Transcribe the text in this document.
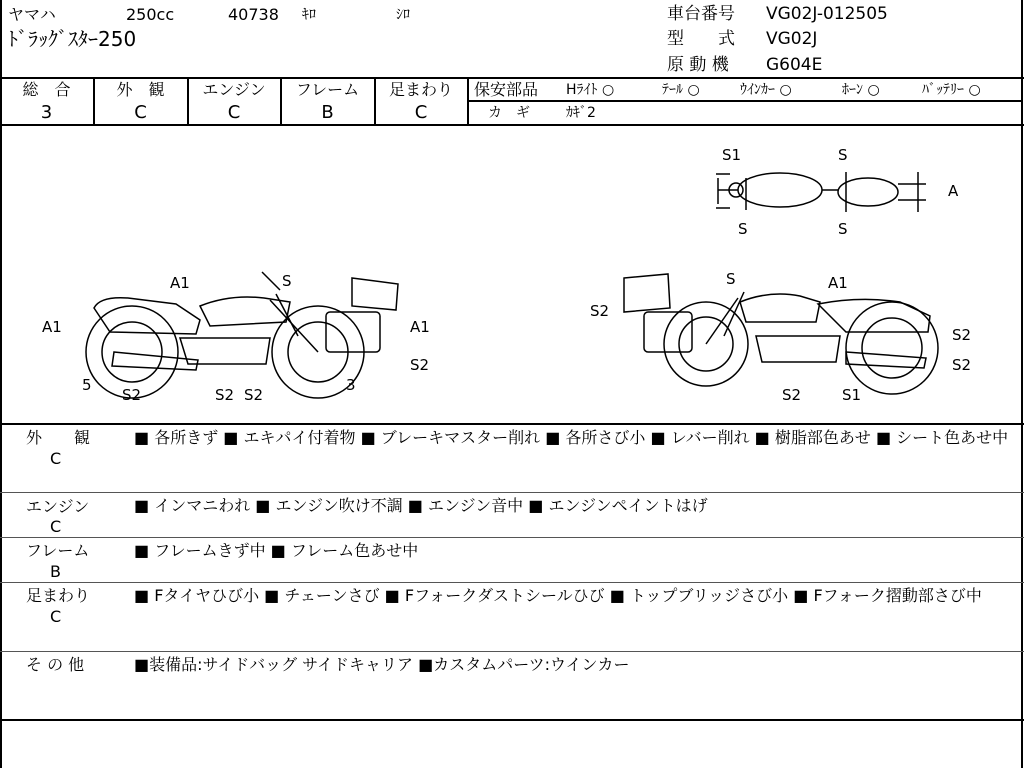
ヤマハ	250cc	40738 ｷﾛ	ｼﾛ
ﾄﾞﾗｯｸﾞｽﾀｰ250
車台番号 VG02J-012505
型　　式 VG02J
原 動 機 G604E
総　合
3
外　観
C
エンジン
C
フレーム
B
足まわり
C
保安部品 Hﾗｲﾄ ○	ﾃｰﾙ ○	ｳｲﾝｶｰ ○	ﾎｰﾝ ○	ﾊﾞｯﾃﾘｰ ○
カ　ギ	ｶｷﾞ2
S1	S
A
S	S
A1	S
A1	A1
5
S2	S2 S2
3
S2
S	A1
S2
S2
S2
S2	S1
外　　観
C
■ 各所きず ■ エキパイ付着物 ■ ブレーキマスター削れ ■ 各所さび小 ■ レバー削れ ■ 樹脂部色あせ ■ シート色あせ中
エンジン
C
■ インマニわれ ■ エンジン吹け不調 ■ エンジン音中 ■ エンジンペイントはげ
フレーム
B
■ フレームきず中 ■ フレーム色あせ中
足まわり
C
■ Fタイヤひび小 ■ チェーンさび ■ Fフォークダストシールひび ■ トップブリッジさび小 ■ Fフォーク摺動部さび中
そ の 他	■装備品:サイドバッグ サイドキャリア ■カスタムパーツ:ウインカー
